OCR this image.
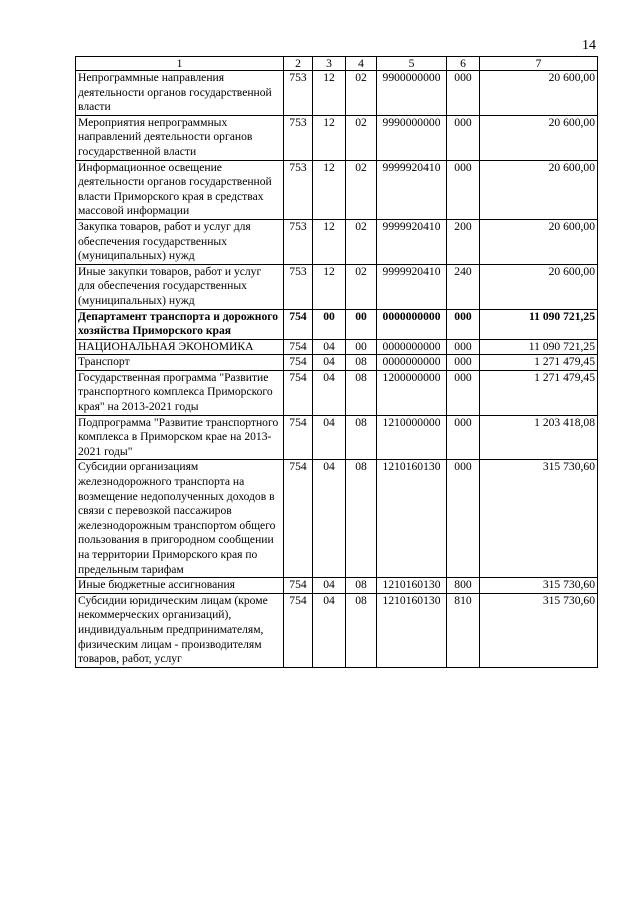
14
1	2	3	4	5	6	7
Непрограммные направления деятельности органов государственной власти	753	12	02	9900000000	000	20 600,00
Мероприятия непрограммных направлений деятельности органов государственной власти	753	12	02	9990000000	000	20 600,00
Информационное освещение деятельности органов государственной власти Приморского края в средствах массовой информации	753	12	02	9999920410	000	20 600,00
Закупка товаров, работ и услуг для обеспечения государственных (муниципальных) нужд	753	12	02	9999920410	200	20 600,00
Иные закупки товаров, работ и услуг для обеспечения государственных (муниципальных) нужд	753	12	02	9999920410	240	20 600,00
Департамент транспорта и дорожного хозяйства Приморского края	754	00	00	0000000000	000	11 090 721,25
НАЦИОНАЛЬНАЯ ЭКОНОМИКА	754	04	00	0000000000	000	11 090 721,25
Транспорт	754	04	08	0000000000	000	1 271 479,45
Государственная программа "Развитие транспортного комплекса Приморского края" на 2013-2021 годы	754	04	08	1200000000	000	1 271 479,45
Подпрограмма "Развитие транспортного комплекса в Приморском крае на 2013-2021 годы"	754	04	08	1210000000	000	1 203 418,08
Субсидии организациям железнодорожного транспорта на возмещение недополученных доходов в связи с перевозкой пассажиров железнодорожным транспортом общего пользования в пригородном сообщении на территории Приморского края по предельным тарифам	754	04	08	1210160130	000	315 730,60
Иные бюджетные ассигнования	754	04	08	1210160130	800	315 730,60
Субсидии юридическим лицам (кроме некоммерческих организаций), индивидуальным предпринимателям, физическим лицам - производителям товаров, работ, услуг	754	04	08	1210160130	810	315 730,60
